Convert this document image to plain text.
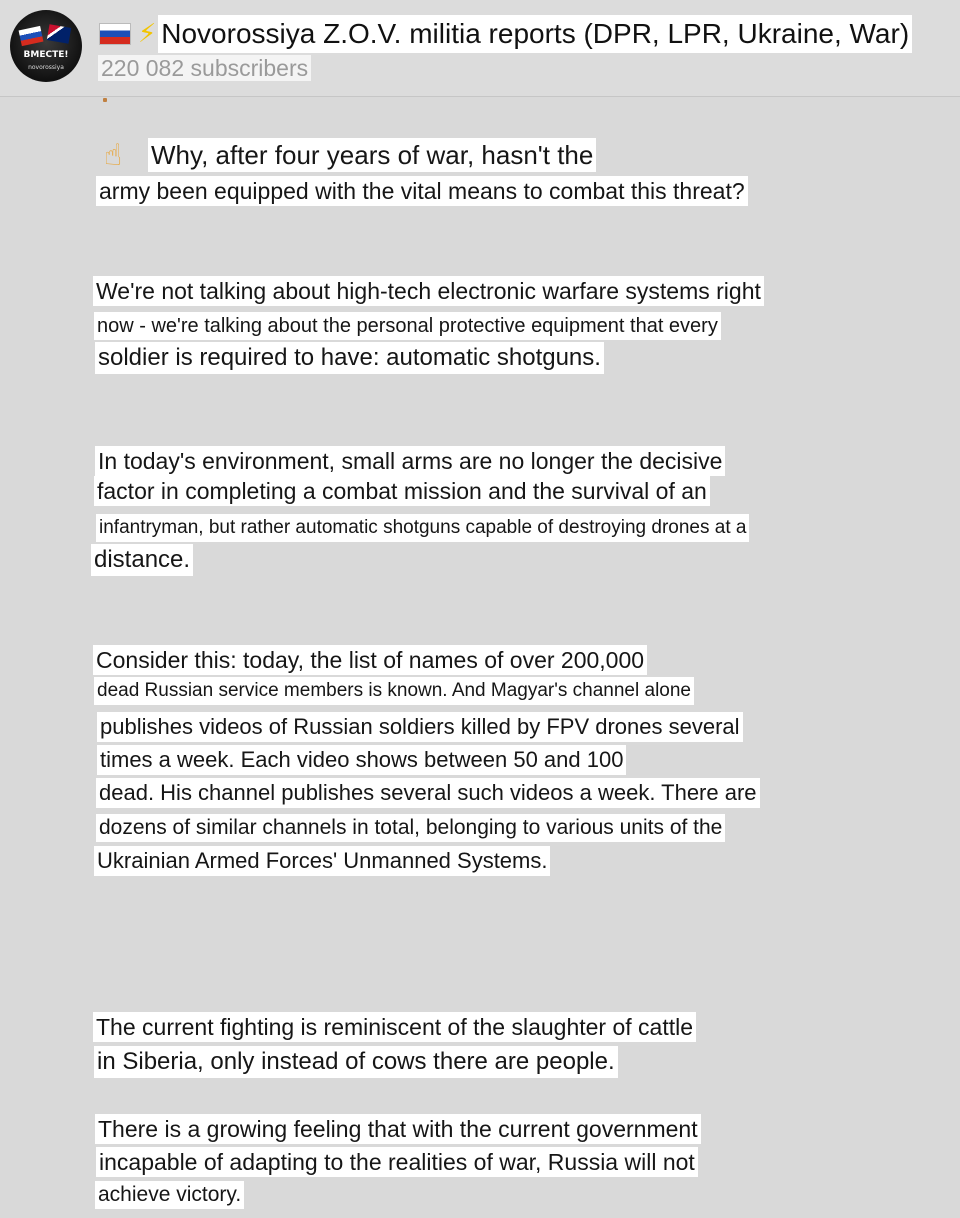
ВМЕСТЕ!
novorossiya
⚡ Novorossiya Z.O.V. militia reports (DPR, LPR, Ukraine, War)
220 082 subscribers
☝ Why, after four years of war, hasn't the
army been equipped with the vital means to combat this threat?
We're not talking about high-tech electronic warfare systems right
now - we're talking about the personal protective equipment that every
soldier is required to have: automatic shotguns.
In today's environment, small arms are no longer the decisive
factor in completing a combat mission and the survival of an
infantryman, but rather automatic shotguns capable of destroying drones at a
distance.
Consider this: today, the list of names of over 200,000
dead Russian service members is known. And Magyar's channel alone
publishes videos of Russian soldiers killed by FPV drones several
times a week. Each video shows between 50 and 100
dead. His channel publishes several such videos a week. There are
dozens of similar channels in total, belonging to various units of the
Ukrainian Armed Forces' Unmanned Systems.
The current fighting is reminiscent of the slaughter of cattle
in Siberia, only instead of cows there are people.
There is a growing feeling that with the current government
incapable of adapting to the realities of war, Russia will not
achieve victory.
